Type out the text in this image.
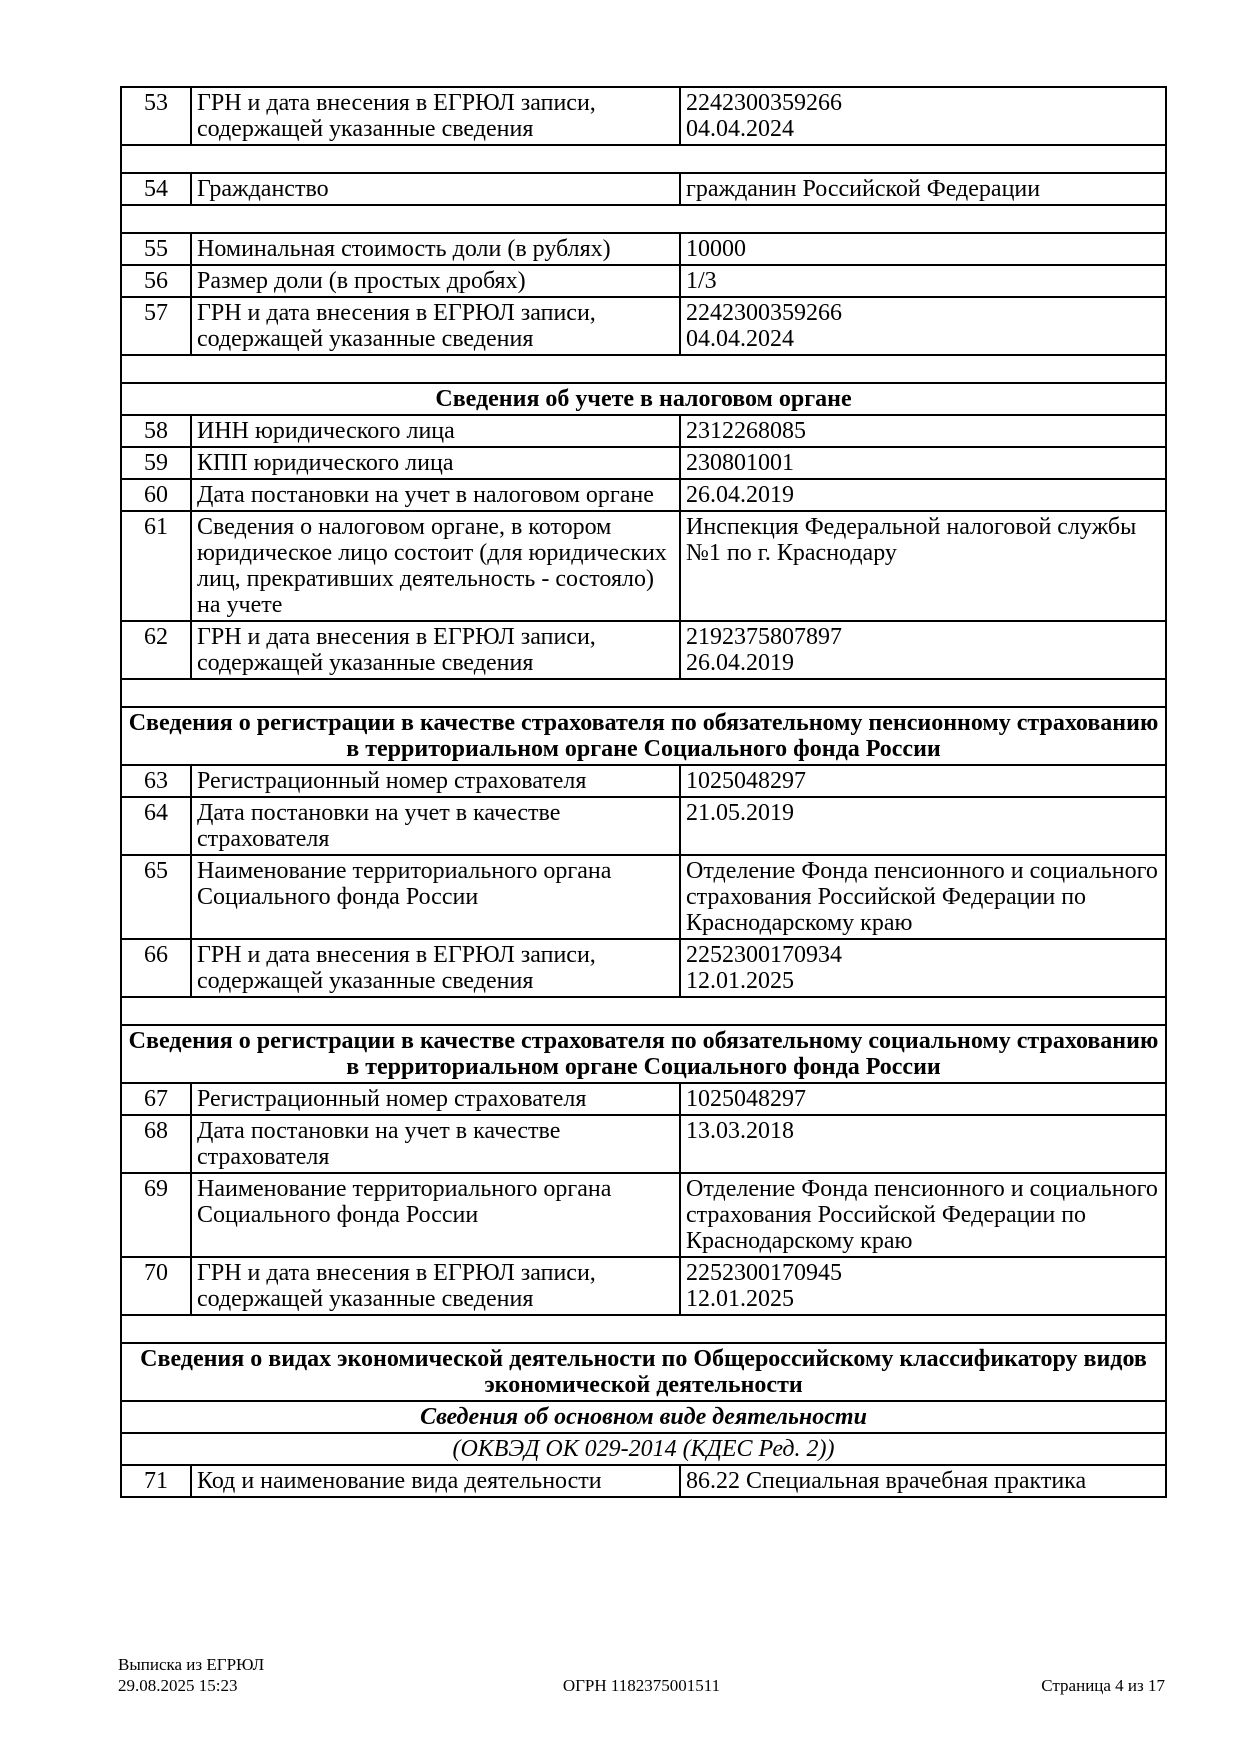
53	ГРН и дата внесения в ЕГРЮЛ записи, содержащей указанные сведения	2242300359266
04.04.2024

54	Гражданство	гражданин Российской Федерации

55	Номинальная стоимость доли (в рублях)	10000
56	Размер доли (в простых дробях)	1/3
57	ГРН и дата внесения в ЕГРЮЛ записи, содержащей указанные сведения	2242300359266
04.04.2024

Сведения об учете в налоговом органе		
58	ИНН юридического лица	2312268085
59	КПП юридического лица	230801001
60	Дата постановки на учет в налоговом органе	26.04.2019
61	Сведения о налоговом органе, в котором юридическое лицо состоит (для юридических лиц, прекративших деятельность - состояло) на учете	Инспекция Федеральной налоговой службы
№1 по г. Краснодару
62	ГРН и дата внесения в ЕГРЮЛ записи, содержащей указанные сведения	2192375807897
26.04.2019

Сведения о регистрации в качестве страхователя по обязательному пенсионному страхованию в территориальном органе Социального фонда России		
63	Регистрационный номер страхователя	1025048297
64	Дата постановки на учет в качестве страхователя	21.05.2019
65	Наименование территориального органа Социального фонда России	Отделение Фонда пенсионного и социального страхования Российской Федерации по Краснодарскому краю
66	ГРН и дата внесения в ЕГРЮЛ записи, содержащей указанные сведения	2252300170934
12.01.2025

Сведения о регистрации в качестве страхователя по обязательному социальному страхованию в территориальном органе Социального фонда России		
67	Регистрационный номер страхователя	1025048297
68	Дата постановки на учет в качестве страхователя	13.03.2018
69	Наименование территориального органа Социального фонда России	Отделение Фонда пенсионного и социального страхования Российской Федерации по Краснодарскому краю
70	ГРН и дата внесения в ЕГРЮЛ записи, содержащей указанные сведения	2252300170945
12.01.2025

Сведения о видах экономической деятельности по Общероссийскому классификатору видов экономической деятельности		
Сведения об основном виде деятельности		
(ОКВЭД ОК 029-2014 (КДЕС Ред. 2))		
71	Код и наименование вида деятельности	86.22 Специальная врачебная практика
Выписка из ЕГРЮЛ
29.08.2025 15:23	ОГРН 1182375001511	Страница 4 из 17
